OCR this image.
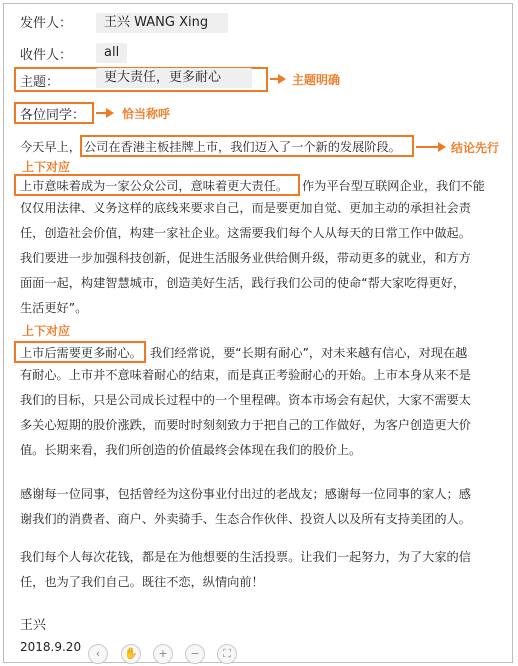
发件人：	王兴 WANG Xing
收件人：	all
主题：	更大责任，更多耐心	主题明确
各位同学：	恰当称呼
今天早上， 公司在香港主板挂牌上市，我们迈入了一个新的发展阶段。	结论先行
上下对应
上市意味着成为一家公众公司，意味着更大责任。 作为平台型互联网企业，我们不能

仅仅用法律、义务这样的底线来要求自己，而是要更加自觉、更加主动的承担社会责

任，创造社会价值，构建一家社企业。这需要我们每个人从每天的日常工作中做起。

我们要进一步加强科技创新，促进生活服务业供给侧升级，带动更多的就业，和方方

面面一起，构建智慧城市，创造美好生活，践行我们公司的使命“帮大家吃得更好，

生活更好”。

上下对应
上市后需要更多耐心。 我们经常说，要“长期有耐心”，对未来越有信心，对现在越

有耐心。上市并不意味着耐心的结束，而是真正考验耐心的开始。上市本身从来不是

我们的目标，只是公司成长过程中的一个里程碑。资本市场会有起伏，大家不需要太

多关心短期的股价涨跌，而要时时刻刻致力于把自己的工作做好，为客户创造更大价

值。长期来看，我们所创造的价值最终会体现在我们的股价上。

感谢每一位同事，包括曾经为这份事业付出过的老战友；感谢每一位同事的家人；感

谢我们的消费者、商户、外卖骑手、生态合作伙伴、投资人以及所有支持美团的人。

我们每个人每次花钱，都是在为他想要的生活投票。让我们一起努力，为了大家的信

任，也为了我们自己。既往不恋，纵情向前！

王兴
2018.9.20	‹	✋	+	−	⛶
